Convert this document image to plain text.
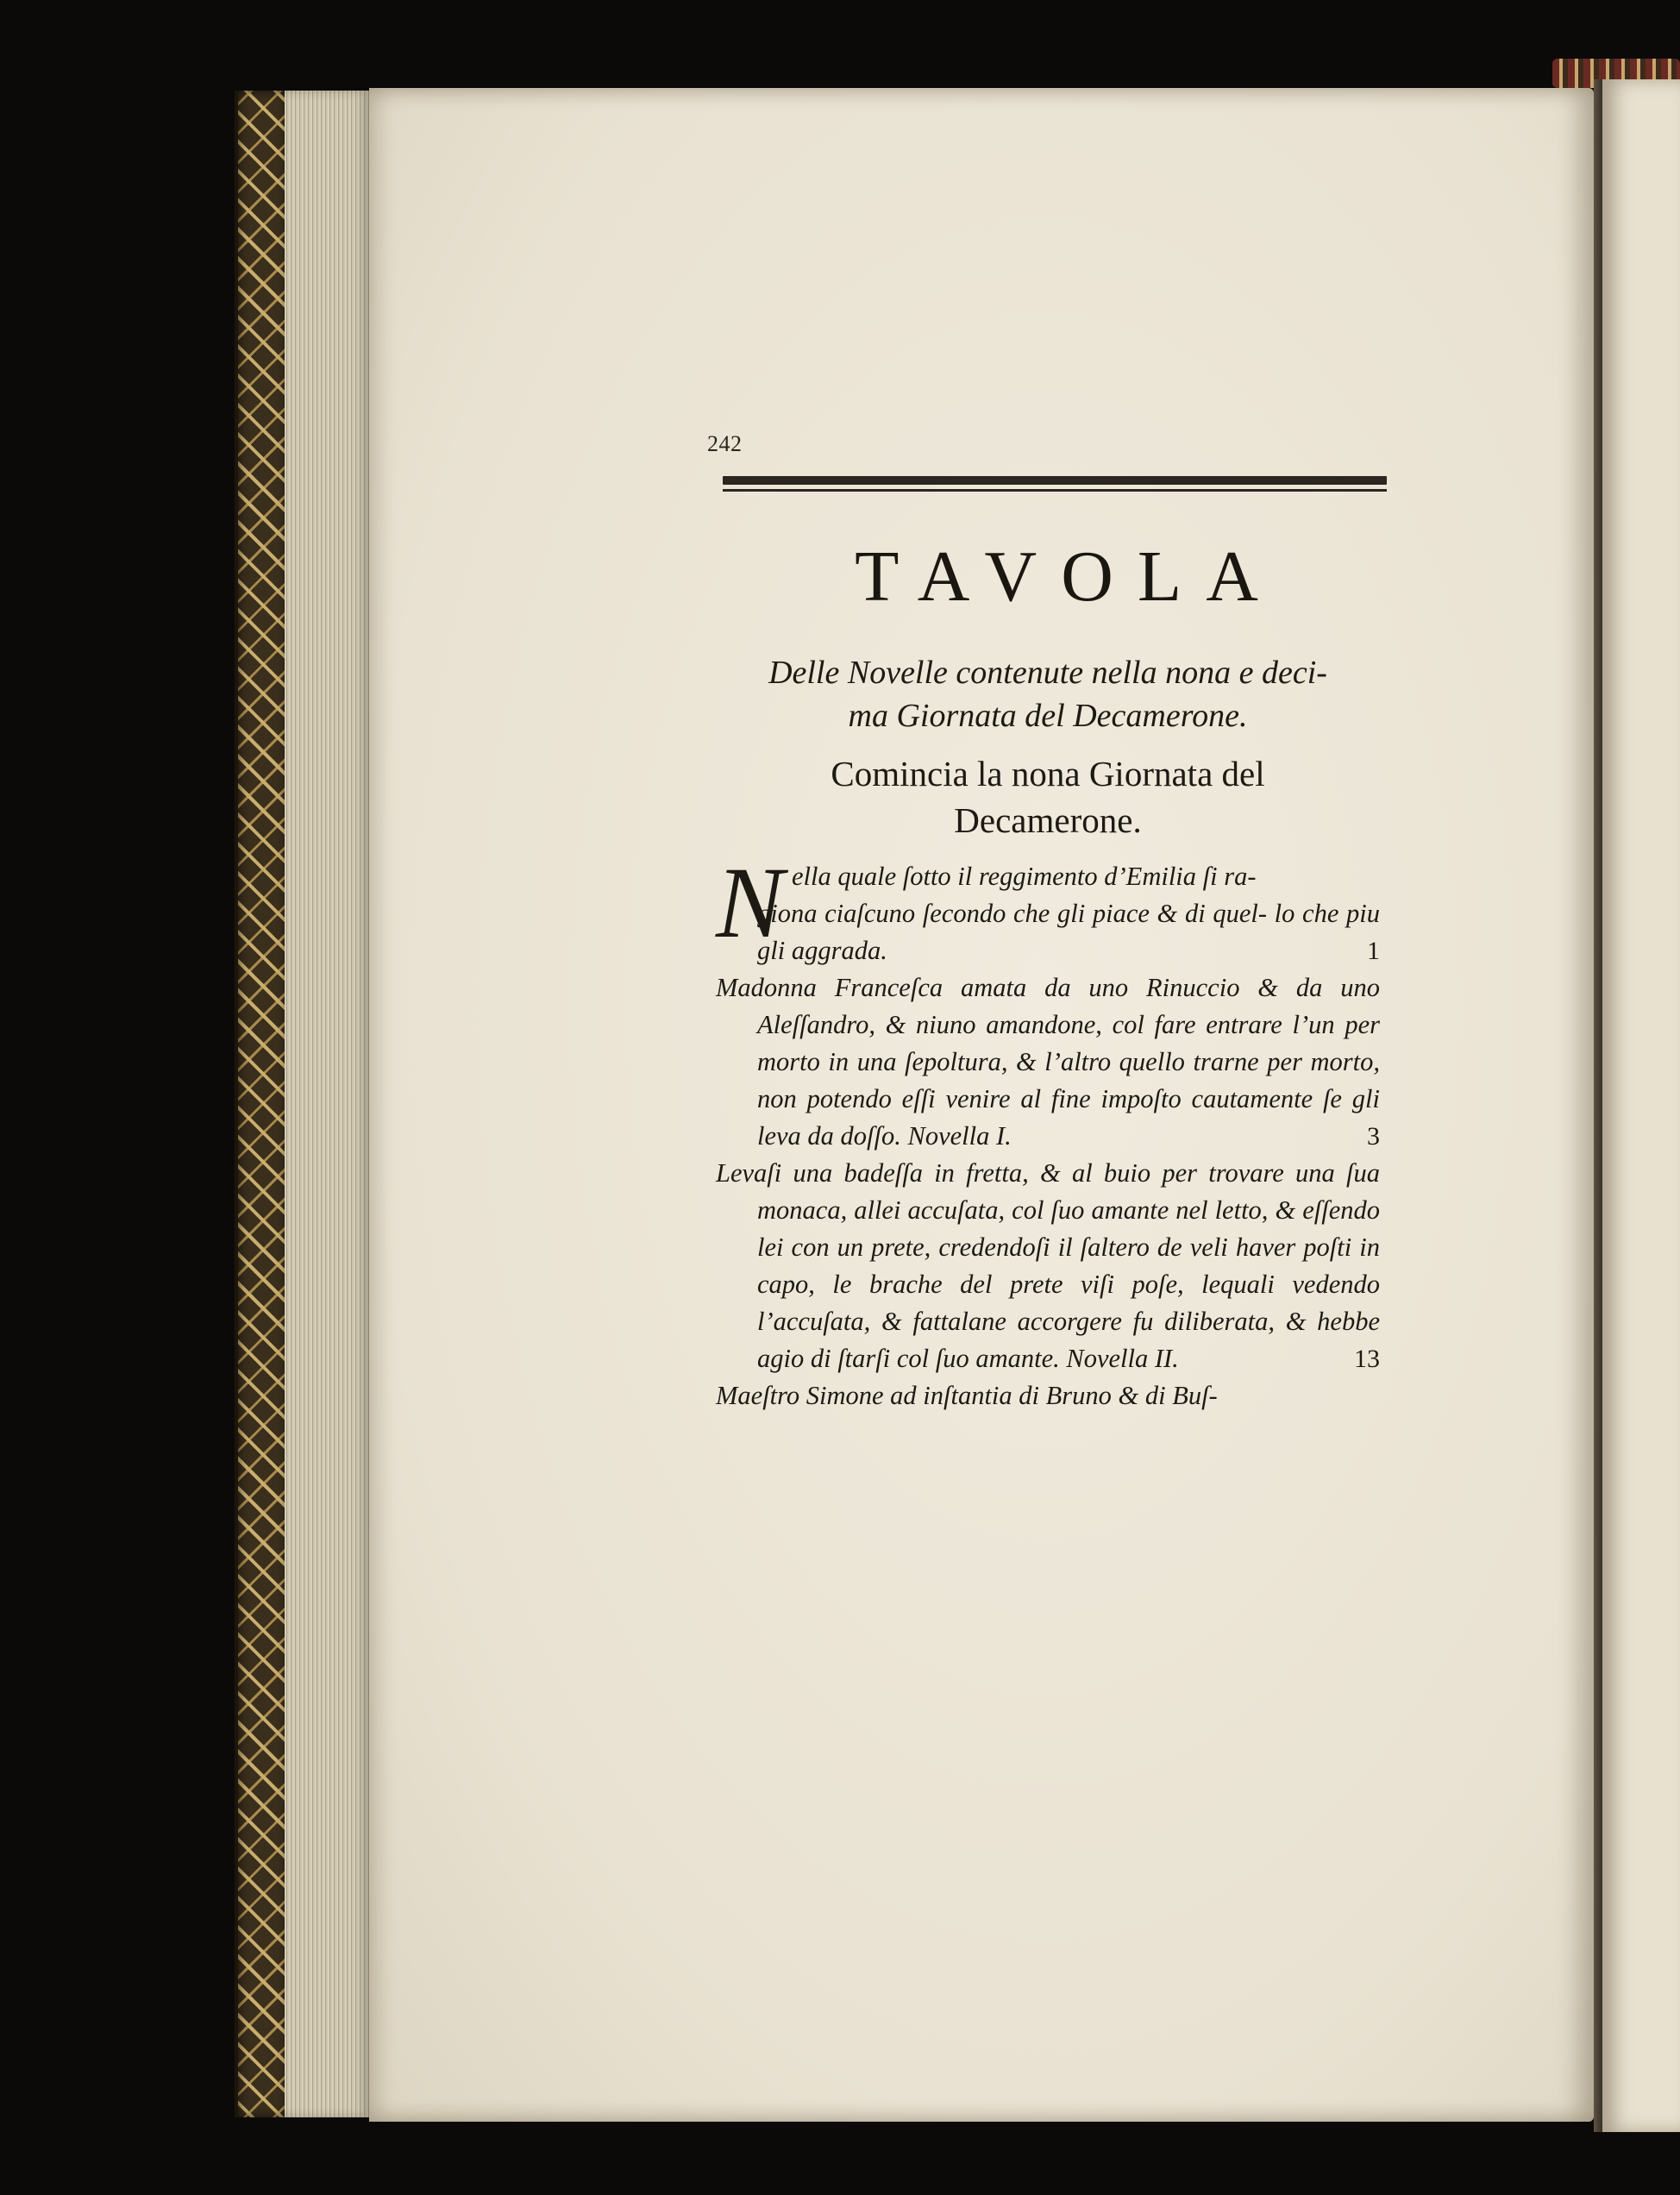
242
TAVOLA
Delle Novelle contenute nella nona e deci-
ma Giornata del Decamerone.
Comincia la nona Giornata del
Decamerone.
N ella quale ſotto il reggimento d’Emilia ſi ra-
giona ciaſcuno ſecondo che gli piace & di quel- lo che piu gli aggrada.	1
Madonna Franceſca amata da uno Rinuccio & da uno Aleſſandro, & niuno amandone, col fare entrare l’un per morto in una ſepoltura, & l’altro quello trarne per morto, non potendo eſſi venire al fine impoſto cautamente ſe gli leva da doſſo. Novella I.	3
Levaſi una badeſſa in fretta, & al buio per trovare una ſua monaca, allei accuſata, col ſuo amante nel letto, & eſſendo lei con un prete, credendoſi il ſaltero de veli haver poſti in capo, le brache del prete viſi poſe, lequali vedendo l’accuſata, & fattalane accorgere fu diliberata, & hebbe agio di ſtarſi col ſuo amante. Novella II.	13
Maeſtro Simone ad inſtantia di Bruno & di Buſ-
